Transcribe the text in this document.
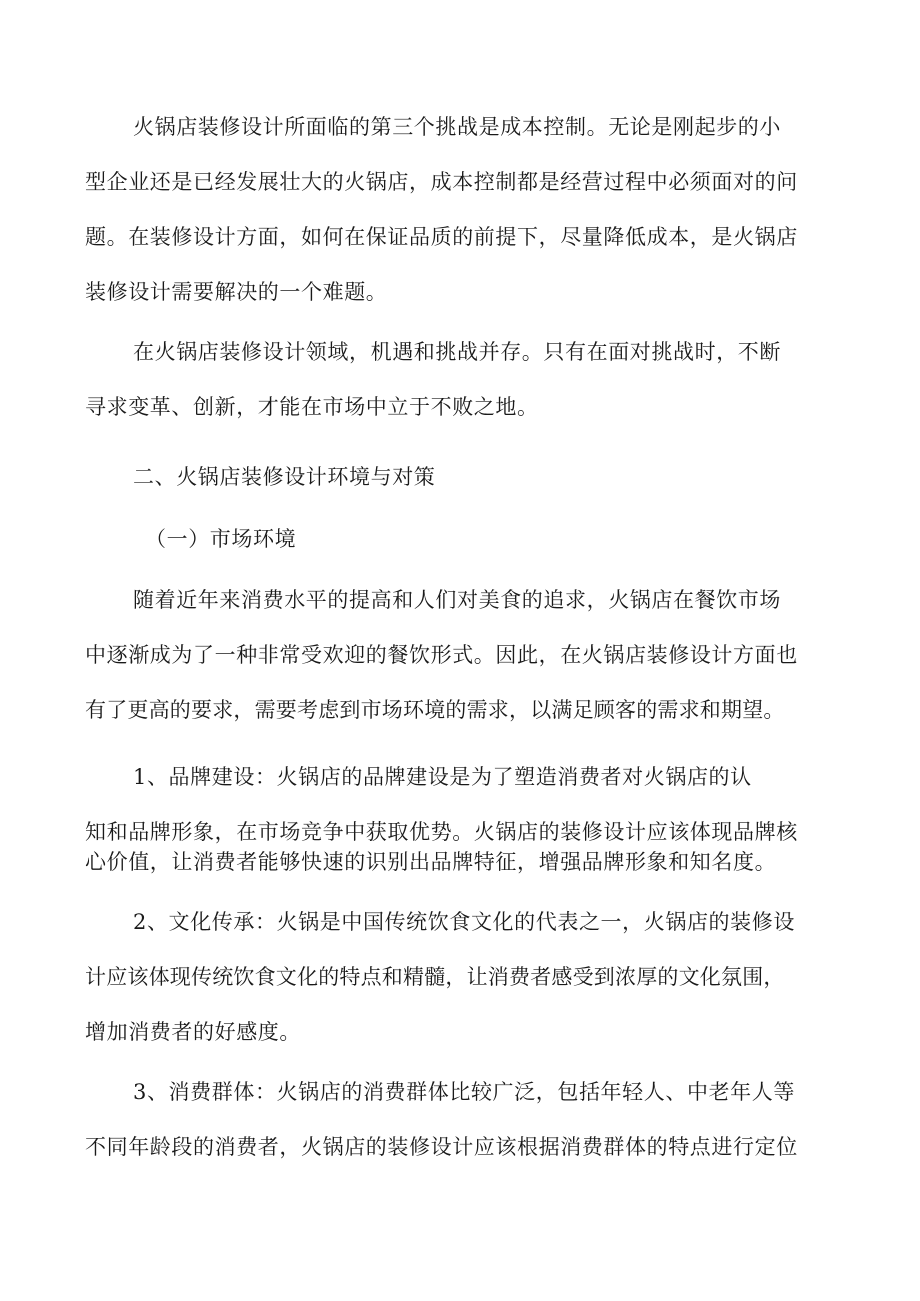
火锅店装修设计所面临的第三个挑战是成本控制。无论是刚起步的小
型企业还是已经发展壮大的火锅店，成本控制都是经营过程中必须面对的问
题。在装修设计方面，如何在保证品质的前提下，尽量降低成本，是火锅店
装修设计需要解决的一个难题。
在火锅店装修设计领域，机遇和挑战并存。只有在面对挑战时，不断
寻求变革、创新，才能在市场中立于不败之地。
二、火锅店装修设计环境与对策
（一）市场环境
随着近年来消费水平的提高和人们对美食的追求，火锅店在餐饮市场
中逐渐成为了一种非常受欢迎的餐饮形式。因此，在火锅店装修设计方面也
有了更高的要求，需要考虑到市场环境的需求，以满足顾客的需求和期望。
1、品牌建设：火锅店的品牌建设是为了塑造消费者对火锅店的认
知和品牌形象，在市场竞争中获取优势。火锅店的装修设计应该体现品牌核
心价值，让消费者能够快速的识别出品牌特征，增强品牌形象和知名度。
2、文化传承：火锅是中国传统饮食文化的代表之一，火锅店的装修设
计应该体现传统饮食文化的特点和精髓，让消费者感受到浓厚的文化氛围，
增加消费者的好感度。
3、消费群体：火锅店的消费群体比较广泛，包括年轻人、中老年人等
不同年龄段的消费者，火锅店的装修设计应该根据消费群体的特点进行定位
